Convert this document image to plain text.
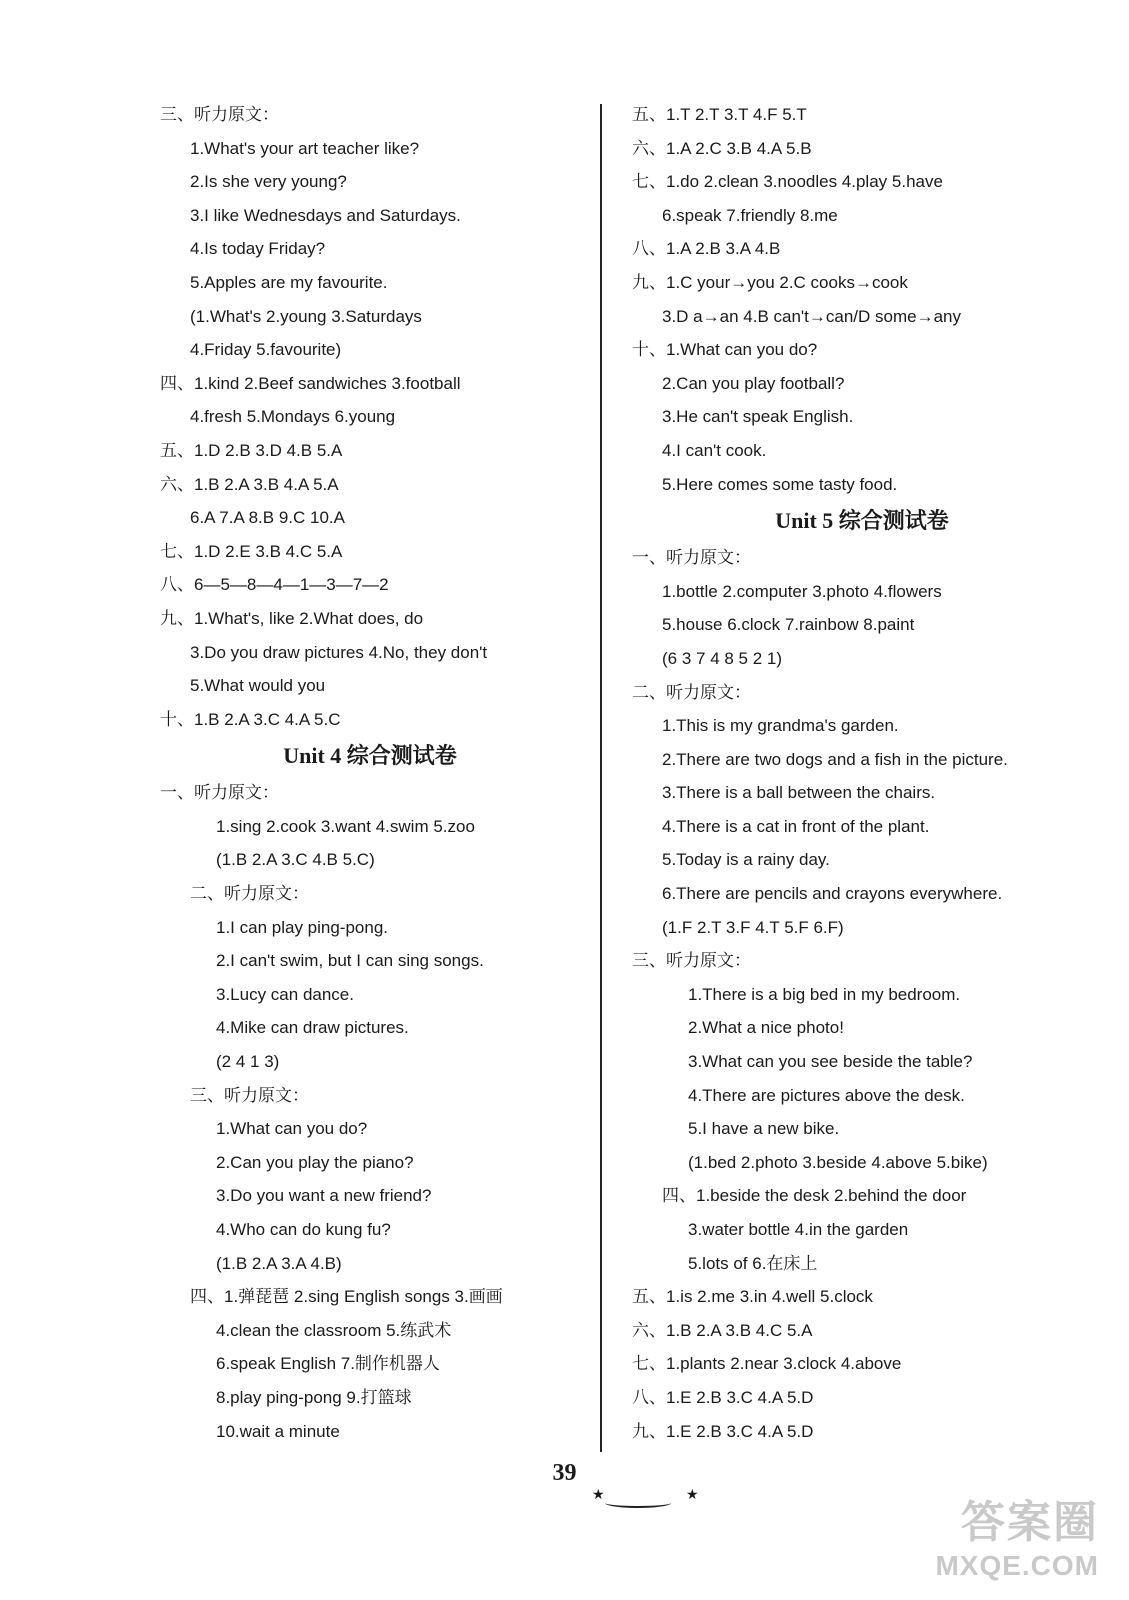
三、听力原文：
1.What's your art teacher like?
2.Is she very young?
3.I like Wednesdays and Saturdays.
4.Is today Friday?
5.Apples are my favourite.
(1.What's 2.young 3.Saturdays
4.Friday 5.favourite)
四、1.kind 2.Beef sandwiches 3.football
4.fresh 5.Mondays 6.young
五、1.D 2.B 3.D 4.B 5.A
六、1.B 2.A 3.B 4.A 5.A
6.A 7.A 8.B 9.C 10.A
七、1.D 2.E 3.B 4.C 5.A
八、6—5—8—4—1—3—7—2
九、1.What's, like 2.What does, do
3.Do you draw pictures 4.No, they don't
5.What would you
十、1.B 2.A 3.C 4.A 5.C
Unit 4 综合测试卷
一、听力原文：
1.sing 2.cook 3.want 4.swim 5.zoo
(1.B 2.A 3.C 4.B 5.C)
二、听力原文：
1.I can play ping-pong.
2.I can't swim, but I can sing songs.
3.Lucy can dance.
4.Mike can draw pictures.
(2 4 1 3)
三、听力原文：
1.What can you do?
2.Can you play the piano?
3.Do you want a new friend?
4.Who can do kung fu?
(1.B 2.A 3.A 4.B)
四、1.弹琵琶 2.sing English songs 3.画画
4.clean the classroom 5.练武术
6.speak English 7.制作机器人
8.play ping-pong 9.打篮球
10.wait a minute
五、1.T 2.T 3.T 4.F 5.T
六、1.A 2.C 3.B 4.A 5.B
七、1.do 2.clean 3.noodles 4.play 5.have
6.speak 7.friendly 8.me
八、1.A 2.B 3.A 4.B
九、1.C your→you 2.C cooks→cook
3.D a→an 4.B can't→can/D some→any
十、1.What can you do?
2.Can you play football?
3.He can't speak English.
4.I can't cook.
5.Here comes some tasty food.
Unit 5 综合测试卷
一、听力原文：
1.bottle 2.computer 3.photo 4.flowers
5.house 6.clock 7.rainbow 8.paint
(6 3 7 4 8 5 2 1)
二、听力原文：
1.This is my grandma's garden.
2.There are two dogs and a fish in the picture.
3.There is a ball between the chairs.
4.There is a cat in front of the plant.
5.Today is a rainy day.
6.There are pencils and crayons everywhere.
(1.F 2.T 3.F 4.T 5.F 6.F)
三、听力原文：
1.There is a big bed in my bedroom.
2.What a nice photo!
3.What can you see beside the table?
4.There are pictures above the desk.
5.I have a new bike.
(1.bed 2.photo 3.beside 4.above 5.bike)
四、1.beside the desk 2.behind the door
3.water bottle 4.in the garden
5.lots of 6.在床上
五、1.is 2.me 3.in 4.well 5.clock
六、1.B 2.A 3.B 4.C 5.A
七、1.plants 2.near 3.clock 4.above
八、1.E 2.B 3.C 4.A 5.D
九、1.E 2.B 3.C 4.A 5.D
★
39
★
答案圈
MXQE.COM
